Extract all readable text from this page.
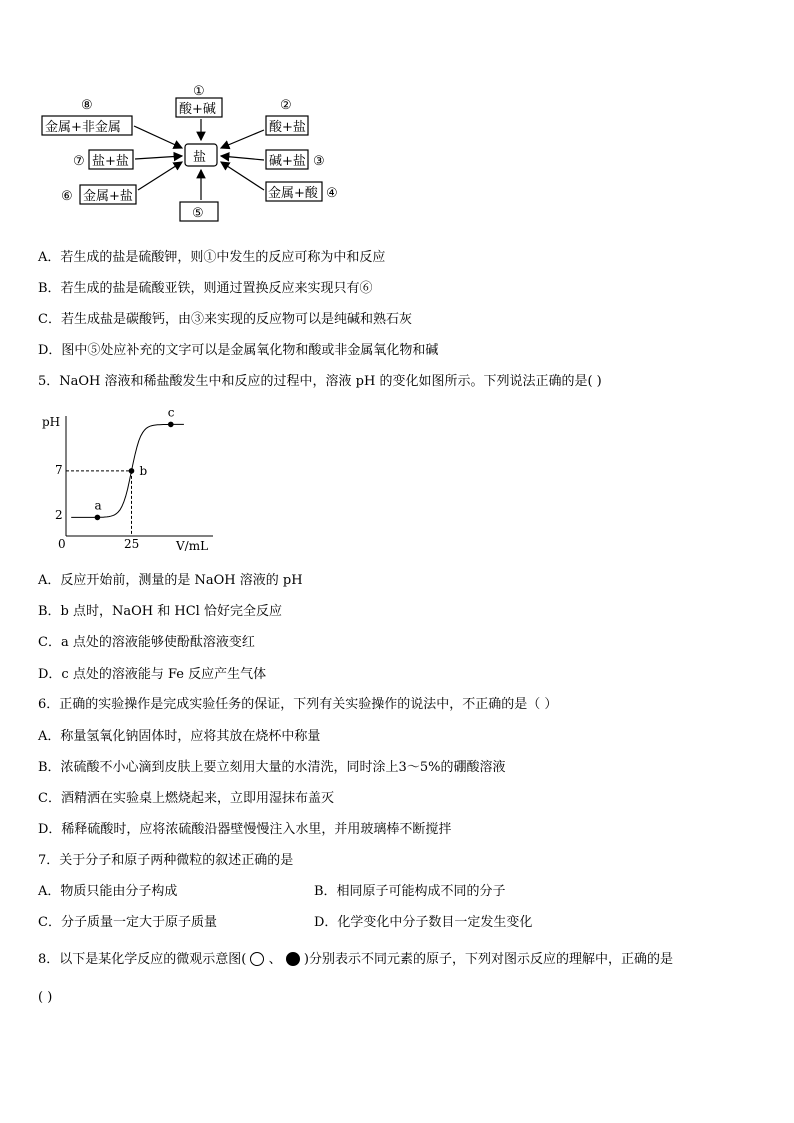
盐
①
酸+碱	②
酸+盐
碱+盐 ③
金属+酸 ④
⑤
⑥ 金属+盐
⑦ 盐+盐
⑧
金属+非金属
A．若生成的盐是硫酸钾，则①中发生的反应可称为中和反应
B．若生成的盐是硫酸亚铁，则通过置换反应来实现只有⑥
C．若生成盐是碳酸钙，由③来实现的反应物可以是纯碱和熟石灰
D．图中⑤处应补充的文字可以是金属氧化物和酸或非金属氧化物和碱
5．NaOH 溶液和稀盐酸发生中和反应的过程中，溶液 pH 的变化如图所示。下列说法正确的是( )
a
b
c
pH
V/mL
7
2
0	25
A．反应开始前，测量的是 NaOH 溶液的 pH
B．b 点时，NaOH 和 HCl 恰好完全反应
C．a 点处的溶液能够使酚酞溶液变红
D．c 点处的溶液能与 Fe 反应产生气体
6．正确的实验操作是完成实验任务的保证，下列有关实验操作的说法中，不正确的是（ ）
A．称量氢氧化钠固体时，应将其放在烧杯中称量
B．浓硫酸不小心滴到皮肤上要立刻用大量的水清洗，同时涂上3～5%的硼酸溶液
C．酒精洒在实验桌上燃烧起来，立即用湿抹布盖灭
D．稀释硫酸时，应将浓硫酸沿器壁慢慢注入水里，并用玻璃棒不断搅拌
7．关于分子和原子两种微粒的叙述正确的是
A．物质只能由分子构成	B．相同原子可能构成不同的分子
C．分子质量一定大于原子质量	D．化学变化中分子数目一定发生变化
8．以下是某化学反应的微观示意图( 、 )分别表示不同元素的原子，下列对图示反应的理解中，正确的是
( )
